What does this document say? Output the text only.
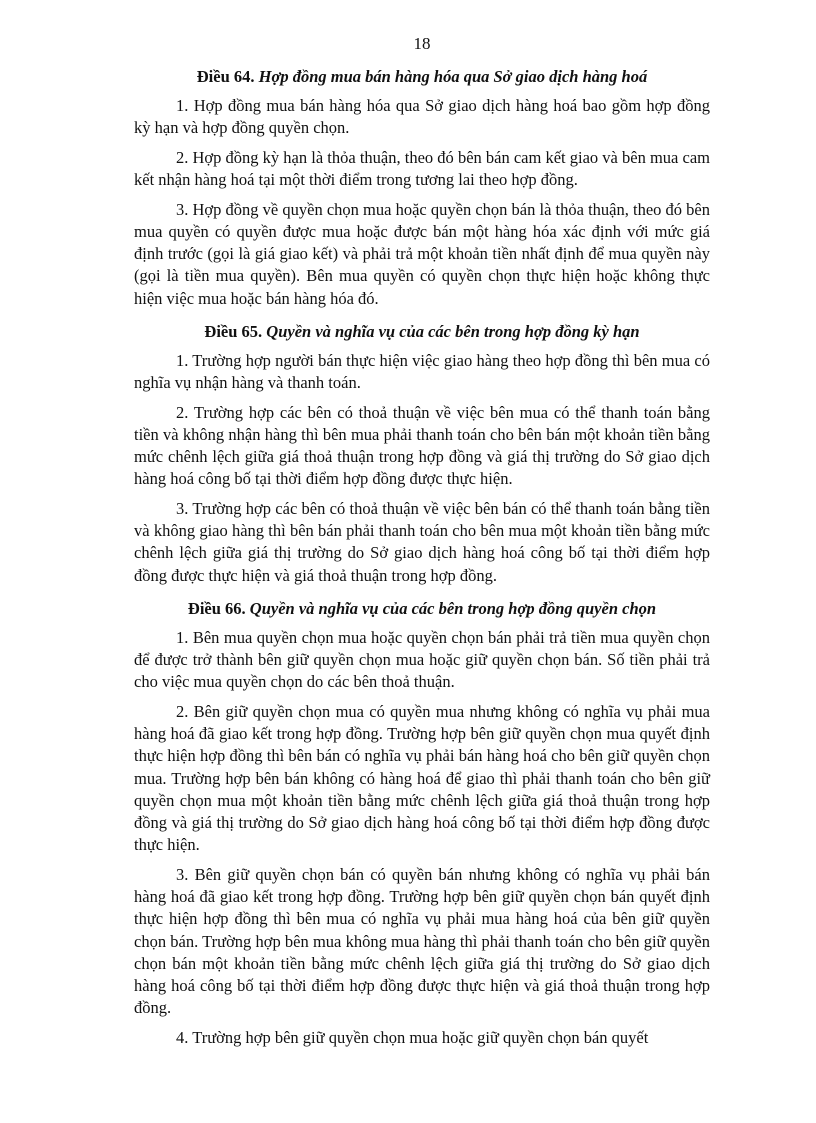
18
Điều 64. Hợp đồng mua bán hàng hóa qua Sở giao dịch hàng hoá

1. Hợp đồng mua bán hàng hóa qua Sở giao dịch hàng hoá bao gồm hợp đồng kỳ hạn và hợp đồng quyền chọn.

2. Hợp đồng kỳ hạn là thỏa thuận, theo đó bên bán cam kết giao và bên mua cam kết nhận hàng hoá tại một thời điểm trong tương lai theo hợp đồng.

3. Hợp đồng về quyền chọn mua hoặc quyền chọn bán là thỏa thuận, theo đó bên mua quyền có quyền được mua hoặc được bán một hàng hóa xác định với mức giá định trước (gọi là giá giao kết) và phải trả một khoản tiền nhất định để mua quyền này (gọi là tiền mua quyền). Bên mua quyền có quyền chọn thực hiện hoặc không thực hiện việc mua hoặc bán hàng hóa đó.

Điều 65. Quyền và nghĩa vụ của các bên trong hợp đồng kỳ hạn

1. Trường hợp người bán thực hiện việc giao hàng theo hợp đồng thì bên mua có nghĩa vụ nhận hàng và thanh toán.

2. Trường hợp các bên có thoả thuận về việc bên mua có thể thanh toán bằng tiền và không nhận hàng thì bên mua phải thanh toán cho bên bán một khoản tiền bằng mức chênh lệch giữa giá thoả thuận trong hợp đồng và giá thị trường do Sở giao dịch hàng hoá công bố tại thời điểm hợp đồng được thực hiện.

3. Trường hợp các bên có thoả thuận về việc bên bán có thể thanh toán bằng tiền và không giao hàng thì bên bán phải thanh toán cho bên mua một khoản tiền bằng mức chênh lệch giữa giá thị trường do Sở giao dịch hàng hoá công bố tại thời điểm hợp đồng được thực hiện và giá thoả thuận trong hợp đồng.

Điều 66. Quyền và nghĩa vụ của các bên trong hợp đồng quyền chọn

1. Bên mua quyền chọn mua hoặc quyền chọn bán phải trả tiền mua quyền chọn để được trở thành bên giữ quyền chọn mua hoặc giữ quyền chọn bán. Số tiền phải trả cho việc mua quyền chọn do các bên thoả thuận.

2. Bên giữ quyền chọn mua có quyền mua nhưng không có nghĩa vụ phải mua hàng hoá đã giao kết trong hợp đồng. Trường hợp bên giữ quyền chọn mua quyết định thực hiện hợp đồng thì bên bán có nghĩa vụ phải bán hàng hoá cho bên giữ quyền chọn mua. Trường hợp bên bán không có hàng hoá để giao thì phải thanh toán cho bên giữ quyền chọn mua một khoản tiền bằng mức chênh lệch giữa giá thoả thuận trong hợp đồng và giá thị trường do Sở giao dịch hàng hoá công bố tại thời điểm hợp đồng được thực hiện.

3. Bên giữ quyền chọn bán có quyền bán nhưng không có nghĩa vụ phải bán hàng hoá đã giao kết trong hợp đồng. Trường hợp bên giữ quyền chọn bán quyết định thực hiện hợp đồng thì bên mua có nghĩa vụ phải mua hàng hoá của bên giữ quyền chọn bán. Trường hợp bên mua không mua hàng thì phải thanh toán cho bên giữ quyền chọn bán một khoản tiền bằng mức chênh lệch giữa giá thị trường do Sở giao dịch hàng hoá công bố tại thời điểm hợp đồng được thực hiện và giá thoả thuận trong hợp đồng.

4. Trường hợp bên giữ quyền chọn mua hoặc giữ quyền chọn bán quyết
